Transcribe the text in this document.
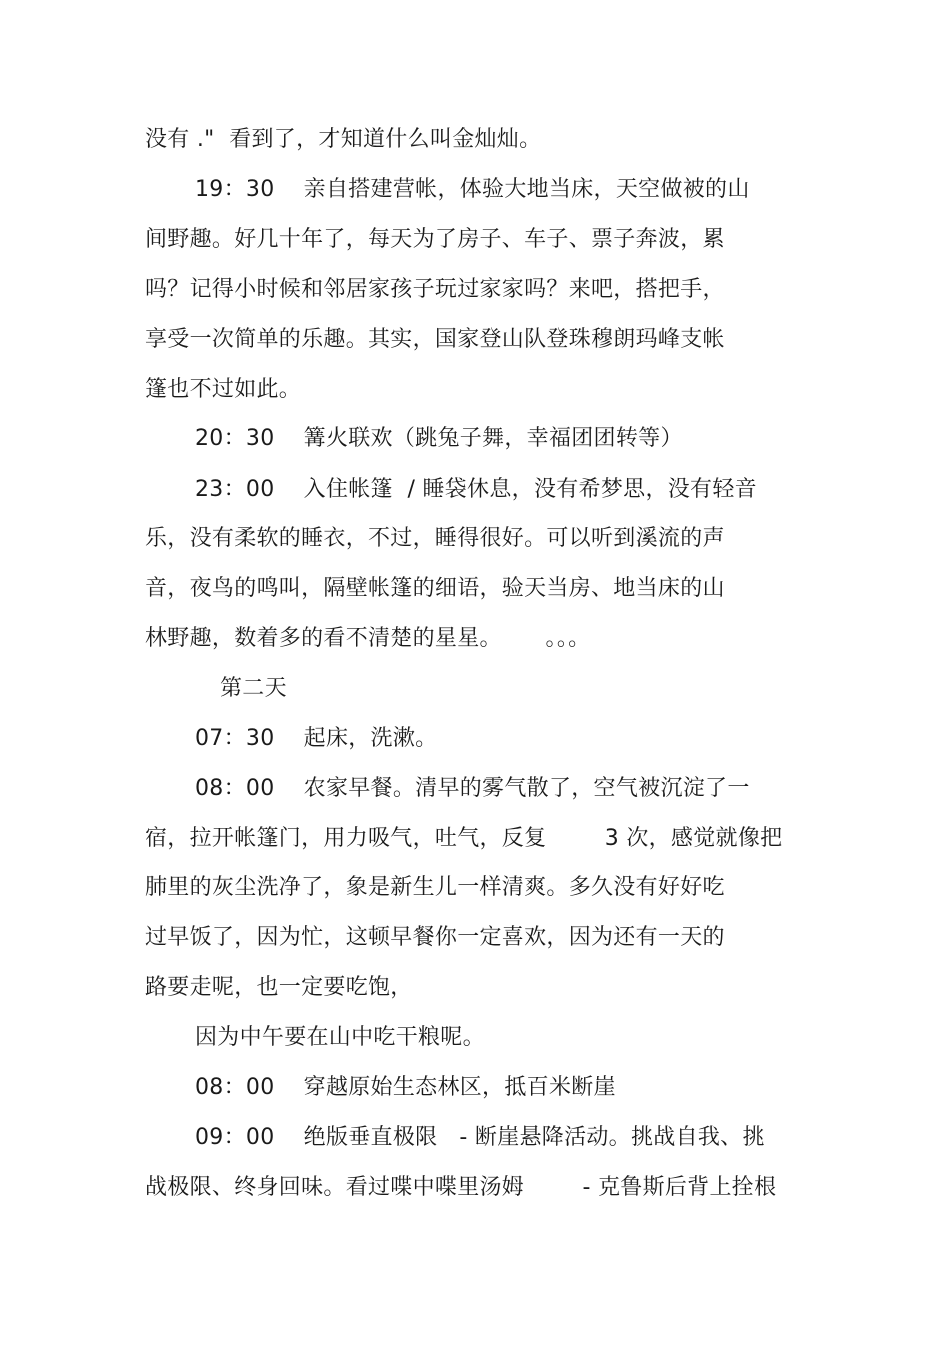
没有 ."  看到了，才知道什么叫金灿灿。
19：30    亲自搭建营帐，体验大地当床，天空做被的山
间野趣。好几十年了，每天为了房子、车子、票子奔波，累
吗？记得小时候和邻居家孩子玩过家家吗？来吧，搭把手，
享受一次简单的乐趣。其实，国家登山队登珠穆朗玛峰支帐
篷也不过如此。
20：30    篝火联欢（跳兔子舞，幸福团团转等）
23：00    入住帐篷  / 睡袋休息，没有希梦思，没有轻音
乐，没有柔软的睡衣，不过，睡得很好。可以听到溪流的声
音，夜鸟的鸣叫，隔壁帐篷的细语，验天当房、地当床的山
林野趣，数着多的看不清楚的星星。      。。。
第二天
07：30    起床，洗漱。
08：00    农家早餐。清早的雾气散了，空气被沉淀了一
宿，拉开帐篷门，用力吸气，吐气，反复        3 次，感觉就像把
肺里的灰尘洗净了，象是新生儿一样清爽。多久没有好好吃
过早饭了，因为忙，这顿早餐你一定喜欢，因为还有一天的
路要走呢，也一定要吃饱，
因为中午要在山中吃干粮呢。
08：00    穿越原始生态林区，抵百米断崖
09：00    绝版垂直极限   - 断崖悬降活动。挑战自我、挑
战极限、终身回味。看过喋中喋里汤姆        - 克鲁斯后背上拴根
